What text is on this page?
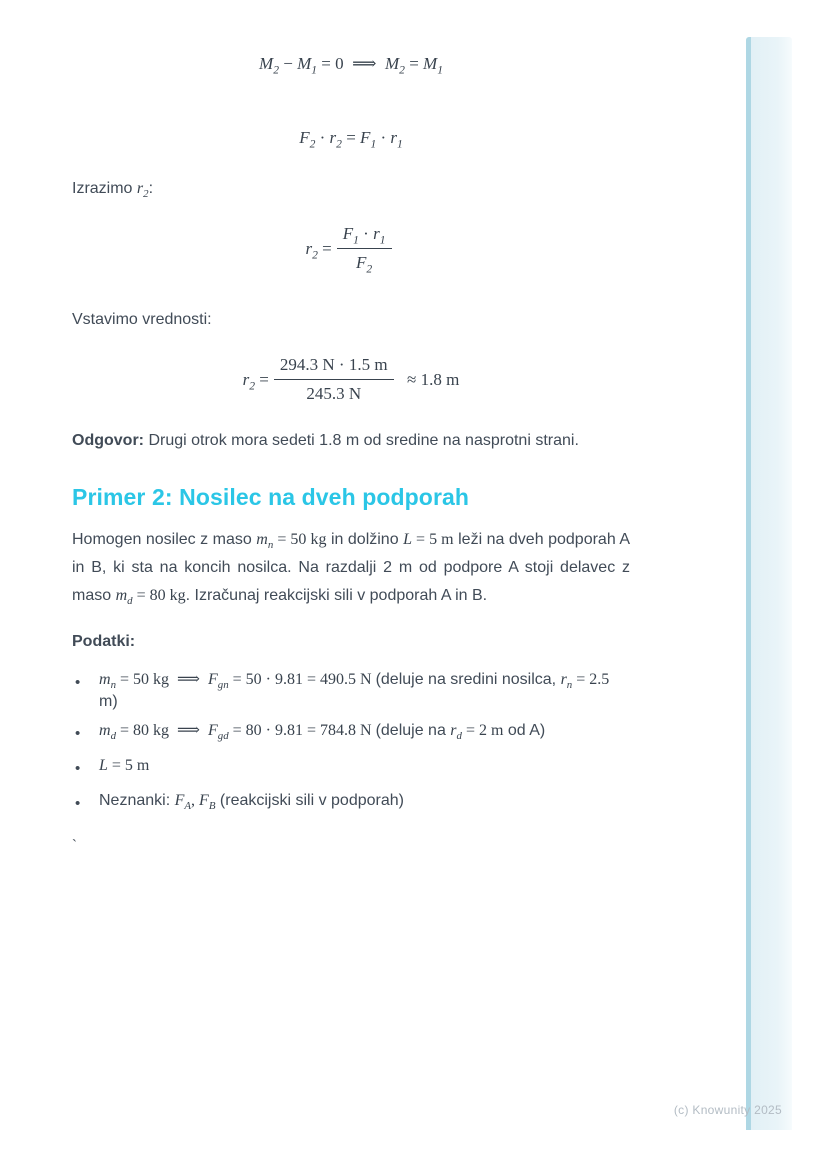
$M_2 - M_1 = 0$ ⟹ $M_2 = M_1$
$F_2 \cdot r_2 = F_1 \cdot r_1$
Izrazimo $r_2$:
$r_2 = \frac{F_1 \cdot r_1}{F_2}$
Vstavimo vrednosti:
$r_2 = \frac{294.3 N \cdot 1.5 m}{245.3 N}$  ≈ 1.8 m
Odgovor: Drugi otrok mora sedeti 1.8 m od sredine na nasprotni strani.
Primer 2: Nosilec na dveh podporah
Homogen nosilec z maso $m_n = 50$ kg in dolžino L = 5 m leži na dveh podporah A in B, ki sta na koncih nosilca. Na razdalji 2 m od podpore A stoji delavec z maso $m_d = 80$ kg. Izračunaj reakcijski sili v podporah A in B.
Podatki:
•	$m_n = 50$ kg ⟹ $F_{gn} = 50 \cdot 9.81 = 490.5$ N (deluje na sredini nosilca, $r_n = 2.5$ m)
•	$m_d = 80$ kg ⟹ $F_{gd} = 80 \cdot 9.81 = 784.8$ N (deluje na $r_d = 2$ m od A)
•	L = 5 m
•	Neznanki: $F_A$, $F_B$ (reakcijski sili v podporah)
`
(c) Knowunity 2025
